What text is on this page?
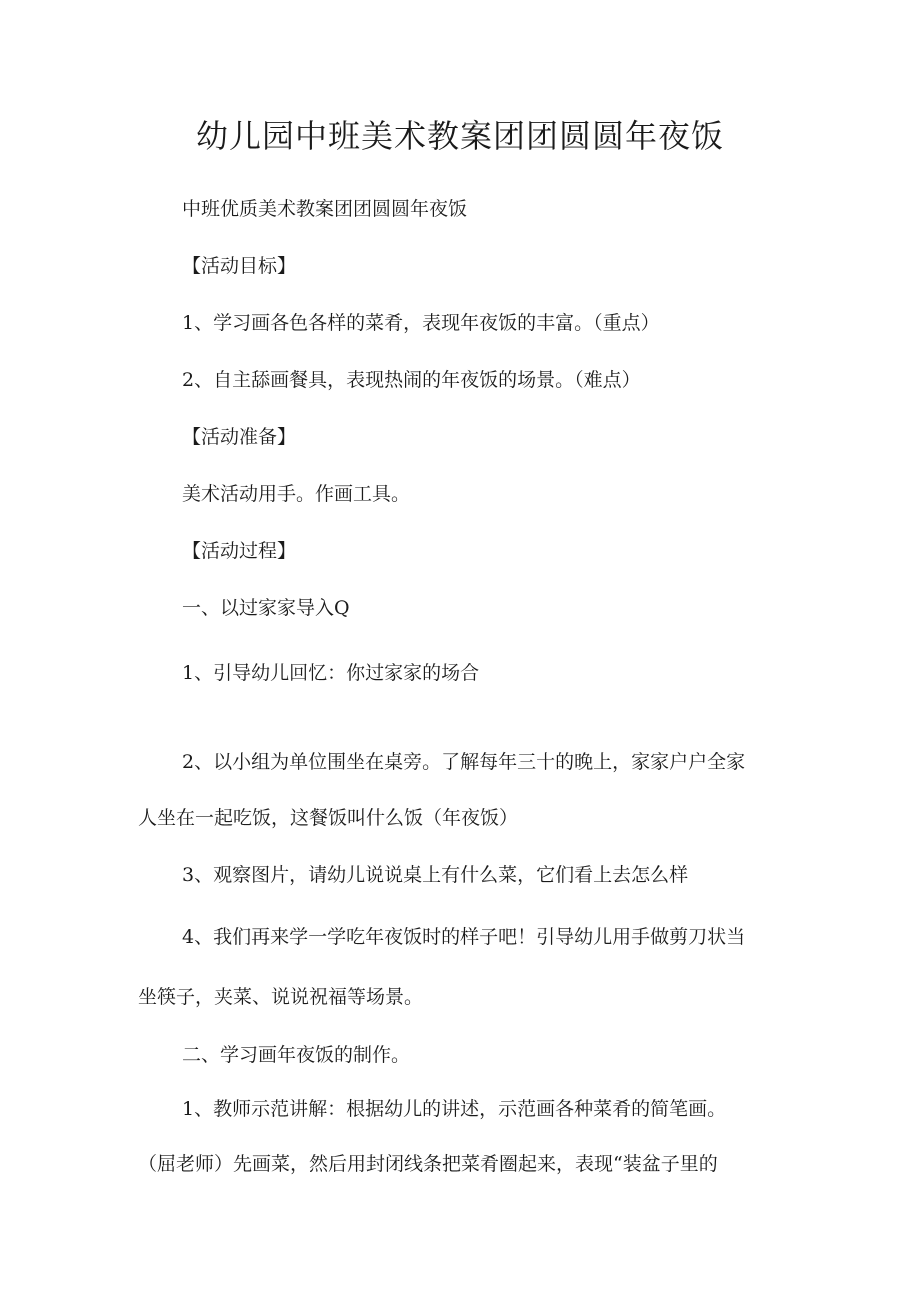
幼儿园中班美术教案团团圆圆年夜饭
中班优质美术教案团团圆圆年夜饭
【活动目标】
1、学习画各色各样的菜肴，表现年夜饭的丰富。（重点）
2、自主舔画餐具，表现热闹的年夜饭的场景。（难点）
【活动准备】
美术活动用手。作画工具。
【活动过程】
一、以过家家导入Q
1、引导幼儿回忆：你过家家的场合
2、以小组为单位围坐在桌旁。了解每年三十的晚上，家家户户全家
人坐在一起吃饭，这餐饭叫什么饭（年夜饭）
3、观察图片，请幼儿说说桌上有什么菜，它们看上去怎么样
4、我们再来学一学吃年夜饭时的样子吧！引导幼儿用手做剪刀状当
坐筷子，夹菜、说说祝福等场景。
二、学习画年夜饭的制作。
1、教师示范讲解：根据幼儿的讲述，示范画各种菜肴的简笔画。
（屈老师）先画菜，然后用封闭线条把菜肴圈起来，表现“装盆子里的
